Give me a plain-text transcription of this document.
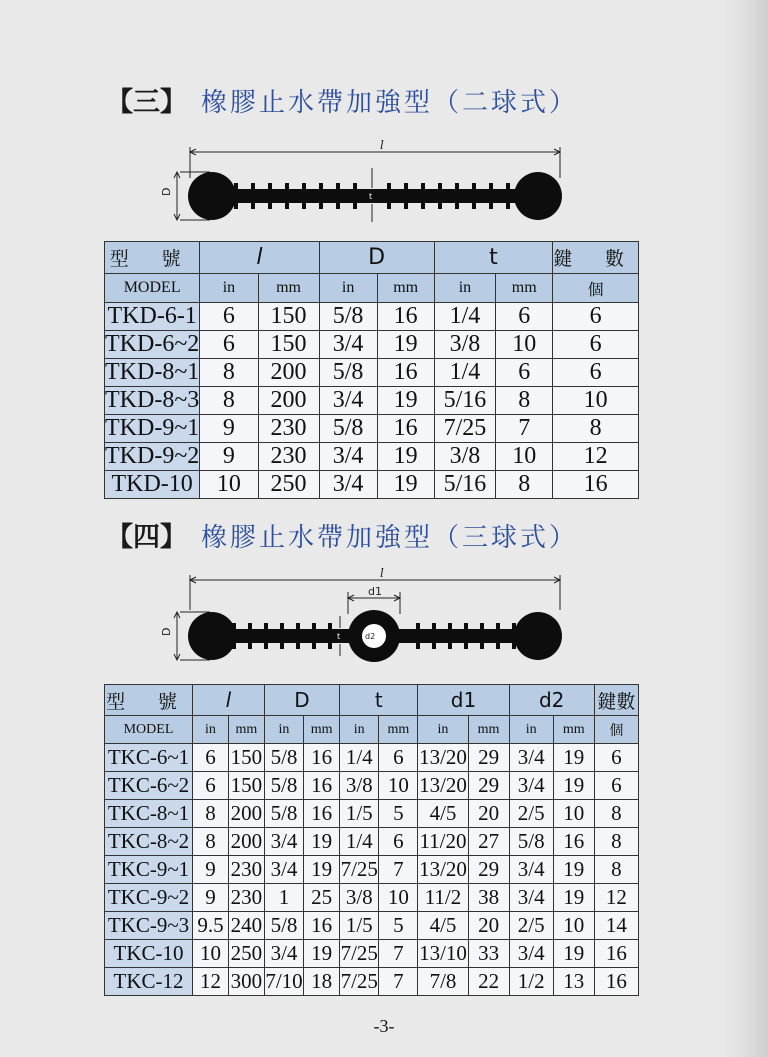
【三】 橡膠止水帶加強型（二球式）
l
D
t
型 號	l		D		t		鍵 數
MODEL	in	mm	in	mm	in	mm	個
TKD-6-1	6	150	5/8	16	1/4	6	6
TKD-6~2	6	150	3/4	19	3/8	10	6
TKD-8~1	8	200	5/8	16	1/4	6	6
TKD-8~3	8	200	3/4	19	5/16	8	10
TKD-9~1	9	230	5/8	16	7/25	7	8
TKD-9~2	9	230	3/4	19	3/8	10	12
TKD-10	10	250	3/4	19	5/16	8	16
【四】 橡膠止水帶加強型（三球式）
l
d1
D
d2
t
型 號	l		D		t		d1		d2		鍵數
MODEL	in	mm	in	mm	in	mm	in	mm	in	mm	個
TKC-6~1	6	150	5/8	16	1/4	6	13/20	29	3/4	19	6
TKC-6~2	6	150	5/8	16	3/8	10	13/20	29	3/4	19	6
TKC-8~1	8	200	5/8	16	1/5	5	4/5	20	2/5	10	8
TKC-8~2	8	200	3/4	19	1/4	6	11/20	27	5/8	16	8
TKC-9~1	9	230	3/4	19	7/25	7	13/20	29	3/4	19	8
TKC-9~2	9	230	1	25	3/8	10	11/2	38	3/4	19	12
TKC-9~3	9.5	240	5/8	16	1/5	5	4/5	20	2/5	10	14
TKC-10	10	250	3/4	19	7/25	7	13/10	33	3/4	19	16
TKC-12	12	300	7/10	18	7/25	7	7/8	22	1/2	13	16
-3-
